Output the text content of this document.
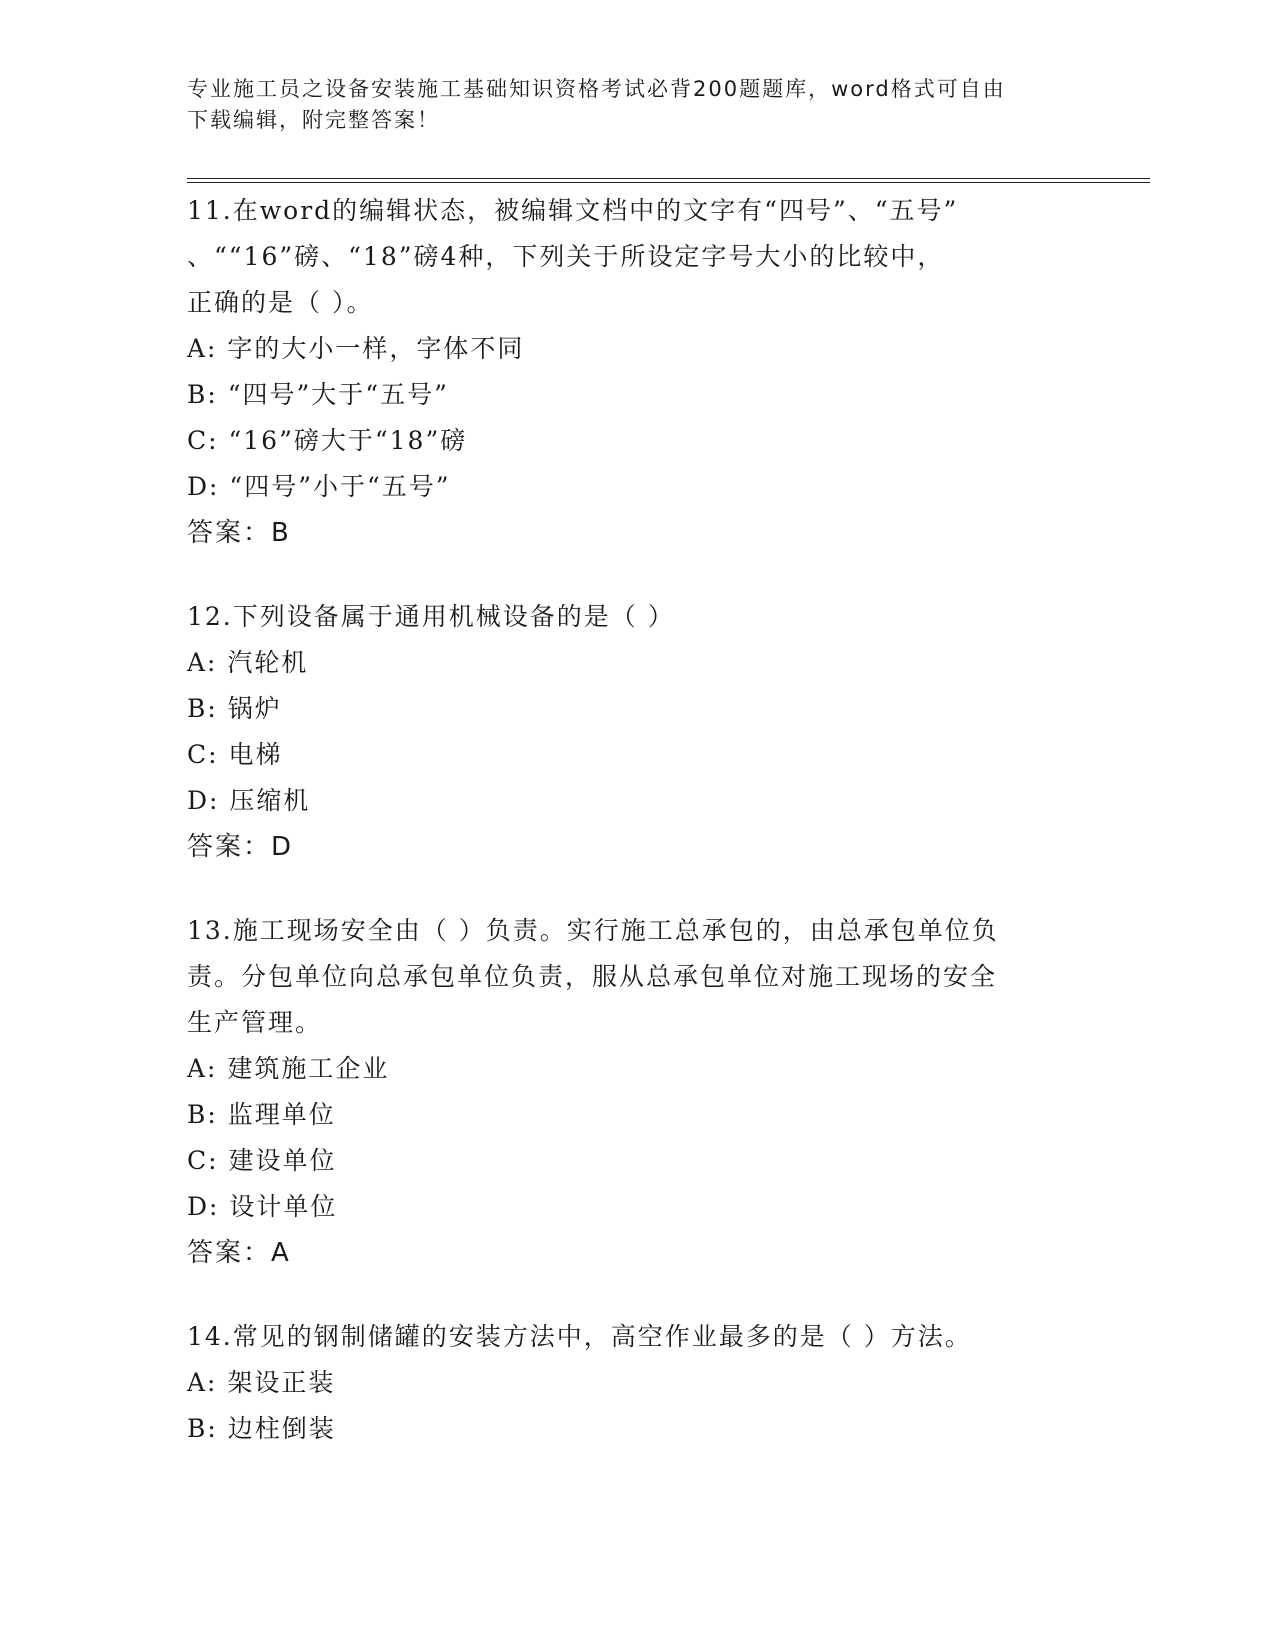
专业施工员之设备安装施工基础知识资格考试必背200题题库，word格式可自由
下载编辑，附完整答案！
11.在word的编辑状态，被编辑文档中的文字有“四号”、“五号”
、““16”磅、“18”磅4种，下列关于所设定字号大小的比较中，
正确的是（ ）。
A: 字的大小一样，字体不同
B: “四号”大于“五号”
C: “16”磅大于“18”磅
D: “四号”小于“五号”
答案：B
12.下列设备属于通用机械设备的是（ ）
A: 汽轮机
B: 锅炉
C: 电梯
D: 压缩机
答案：D
13.施工现场安全由（ ）负责。实行施工总承包的，由总承包单位负
责。分包单位向总承包单位负责，服从总承包单位对施工现场的安全
生产管理。
A: 建筑施工企业
B: 监理单位
C: 建设单位
D: 设计单位
答案：A
14.常见的钢制储罐的安装方法中，高空作业最多的是（ ）方法。
A: 架设正装
B: 边柱倒装
